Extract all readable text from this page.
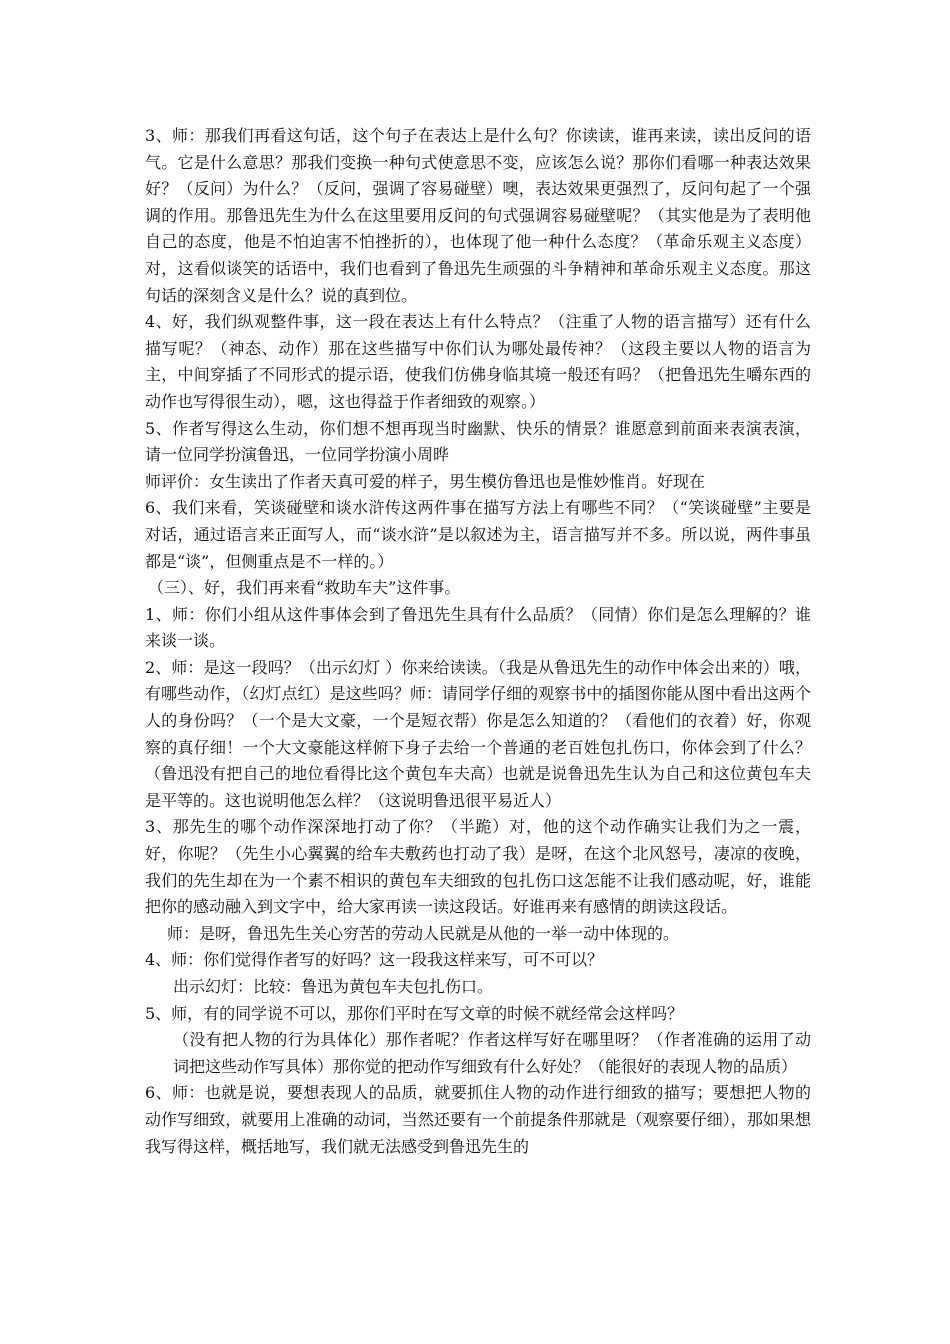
3、师：那我们再看这句话，这个句子在表达上是什么句？你读读，谁再来读，读出反问的语气。它是什么意思？那我们变换一种句式使意思不变，应该怎么说？那你们看哪一种表达效果好？（反问）为什么？（反问，强调了容易碰壁）噢，表达效果更强烈了，反问句起了一个强调的作用。那鲁迅先生为什么在这里要用反问的句式强调容易碰壁呢？（其实他是为了表明他自己的态度，他是不怕迫害不怕挫折的），也体现了他一种什么态度？（革命乐观主义态度）对，这看似谈笑的话语中，我们也看到了鲁迅先生顽强的斗争精神和革命乐观主义态度。那这句话的深刻含义是什么？说的真到位。

4、好，我们纵观整件事，这一段在表达上有什么特点？（注重了人物的语言描写）还有什么描写呢？（神态、动作）那在这些描写中你们认为哪处最传神？（这段主要以人物的语言为主，中间穿插了不同形式的提示语，使我们仿佛身临其境一般还有吗？（把鲁迅先生嚼东西的动作也写得很生动），嗯，这也得益于作者细致的观察。）

5、作者写得这么生动，你们想不想再现当时幽默、快乐的情景？谁愿意到前面来表演表演，请一位同学扮演鲁迅，一位同学扮演小周晔

师评价：女生读出了作者天真可爱的样子，男生模仿鲁迅也是惟妙惟肖。好现在

6、我们来看，笑谈碰壁和谈水浒传这两件事在描写方法上有哪些不同？（“笑谈碰壁”主要是对话，通过语言来正面写人，而“谈水浒”是以叙述为主，语言描写并不多。所以说，两件事虽都是“谈”，但侧重点是不一样的。）

（三）、好，我们再来看“救助车夫”这件事。

1、师：你们小组从这件事体会到了鲁迅先生具有什么品质？（同情）你们是怎么理解的？谁来谈一谈。

2、师：是这一段吗？（出示幻灯 ）你来给读读。（我是从鲁迅先生的动作中体会出来的）哦，有哪些动作，（幻灯点红）是这些吗？师：请同学仔细的观察书中的插图你能从图中看出这两个人的身份吗？（一个是大文豪，一个是短衣帮）你是怎么知道的？（看他们的衣着）好，你观察的真仔细！一个大文豪能这样俯下身子去给一个普通的老百姓包扎伤口，你体会到了什么？（鲁迅没有把自己的地位看得比这个黄包车夫高）也就是说鲁迅先生认为自己和这位黄包车夫是平等的。这也说明他怎么样？（这说明鲁迅很平易近人）

3、那先生的哪个动作深深地打动了你？（半跪）对，他的这个动作确实让我们为之一震，好，你呢？（先生小心翼翼的给车夫敷药也打动了我）是呀，在这个北风怒号，凄凉的夜晚，我们的先生却在为一个素不相识的黄包车夫细致的包扎伤口这怎能不让我们感动呢，好，谁能把你的感动融入到文字中，给大家再读一读这段话。好谁再来有感情的朗读这段话。

师：是呀，鲁迅先生关心穷苦的劳动人民就是从他的一举一动中体现的。

4、师：你们觉得作者写的好吗？这一段我这样来写，可不可以？

出示幻灯：比较：鲁迅为黄包车夫包扎伤口。

5、师，有的同学说不可以，那你们平时在写文章的时候不就经常会这样吗？

（没有把人物的行为具体化）那作者呢？作者这样写好在哪里呀？（作者准确的运用了动词把这些动作写具体）那你觉的把动作写细致有什么好处？（能很好的表现人物的品质）

6、师：也就是说，要想表现人的品质，就要抓住人物的动作进行细致的描写；要想把人物的动作写细致，就要用上准确的动词，当然还要有一个前提条件那就是（观察要仔细），那如果想我写得这样，概括地写，我们就无法感受到鲁迅先生的
